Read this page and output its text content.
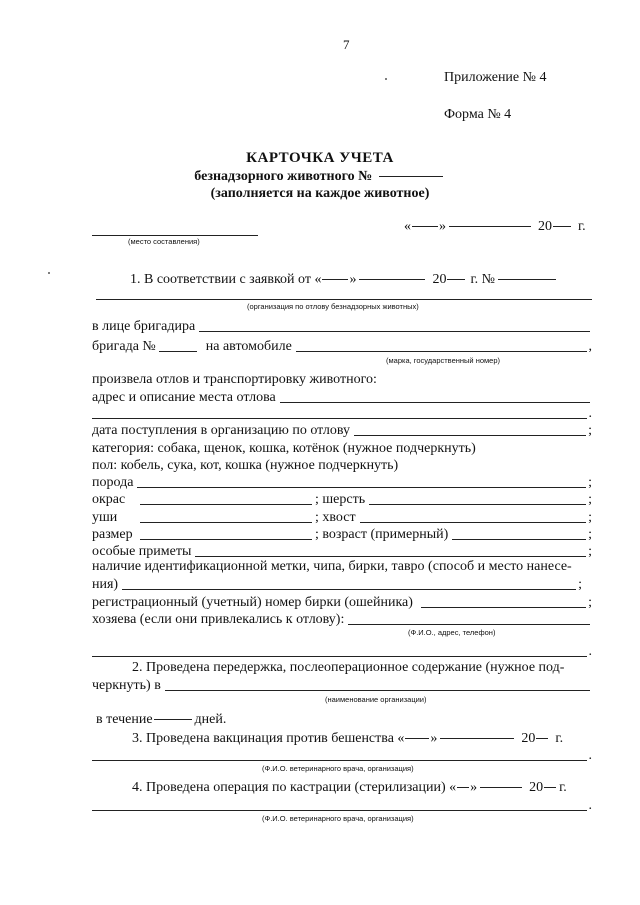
7
Приложение № 4
Форма № 4
КАРТОЧКА УЧЕТА
безнадзорного животного №
(заполняется на каждое животное)
(место составления)
« »	20 г.
1. В соответствии с заявкой от « »	20 г. №
(организация по отлову безнадзорных животных)
в лице бригадира
бригада №	на автомобиле	,
(марка, государственный номер)
произвела отлов и транспортировку животного:
адрес и описание места отлова
.
дата поступления в организацию по отлову	;
категория: собака, щенок, кошка, котёнок (нужное подчеркнуть)
пол: кобель, сука, кот, кошка (нужное подчеркнуть)
порода	;
окрас	; шерсть	;
уши	; хвост	;
размер	; возраст (примерный)	;
особые приметы	;
наличие идентификационной метки, чипа, бирки, тавро (способ и место нанесе-
ния)	;
регистрационный (учетный) номер бирки (ошейника)	;
хозяева (если они привлекались к отлову):
(Ф.И.О., адрес, телефон)
.
2. Проведена передержка, послеоперационное содержание (нужное под-
черкнуть) в
(наименование организации)
в течение	дней.
3. Проведена вакцинация против бешенства « »	20 г.
.
(Ф.И.О. ветеринарного врача, организация)
4. Проведена операция по кастрации (стерилизации) « »	20 г.
.
(Ф.И.О. ветеринарного врача, организация)
